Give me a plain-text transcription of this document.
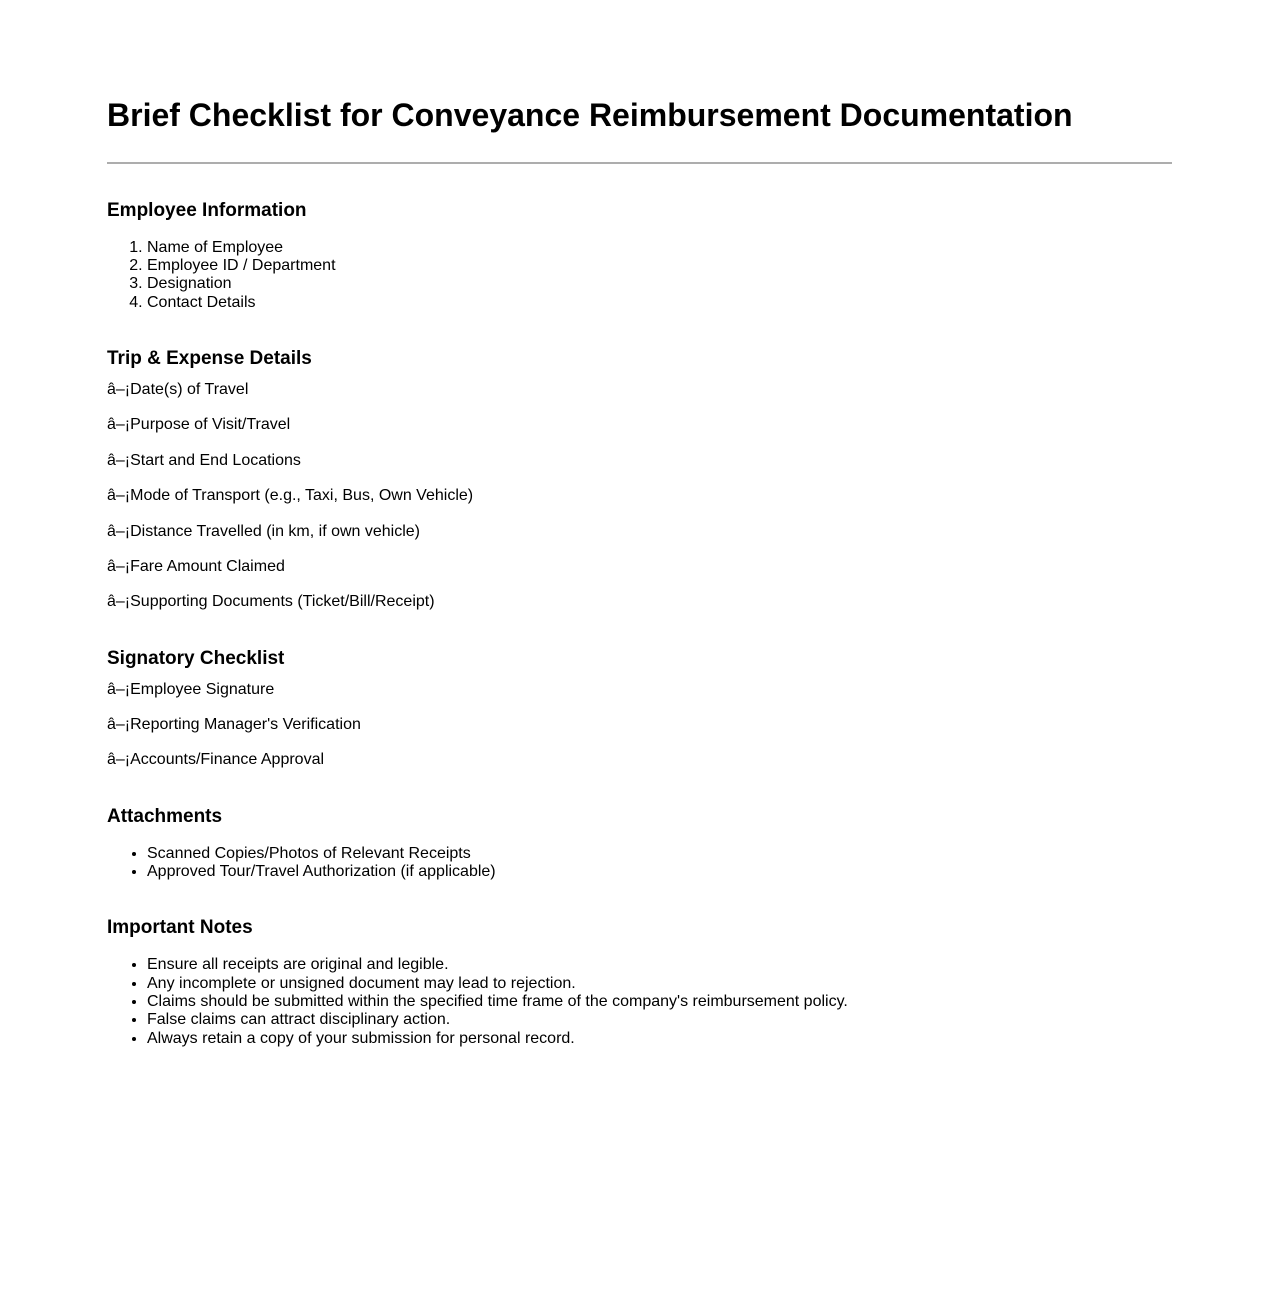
Brief Checklist for Conveyance Reimbursement Documentation
Employee Information
1. Name of Employee
2. Employee ID / Department
3. Designation
4. Contact Details
Trip & Expense Details

â–¡Date(s) of Travel

â–¡Purpose of Visit/Travel

â–¡Start and End Locations

â–¡Mode of Transport (e.g., Taxi, Bus, Own Vehicle)

â–¡Distance Travelled (in km, if own vehicle)

â–¡Fare Amount Claimed

â–¡Supporting Documents (Ticket/Bill/Receipt)

Signatory Checklist

â–¡Employee Signature

â–¡Reporting Manager's Verification

â–¡Accounts/Finance Approval

Attachments
• Scanned Copies/Photos of Relevant Receipts
• Approved Tour/Travel Authorization (if applicable)
Important Notes
• Ensure all receipts are original and legible.
• Any incomplete or unsigned document may lead to rejection.
• Claims should be submitted within the specified time frame of the company's reimbursement policy.
• False claims can attract disciplinary action.
• Always retain a copy of your submission for personal record.
